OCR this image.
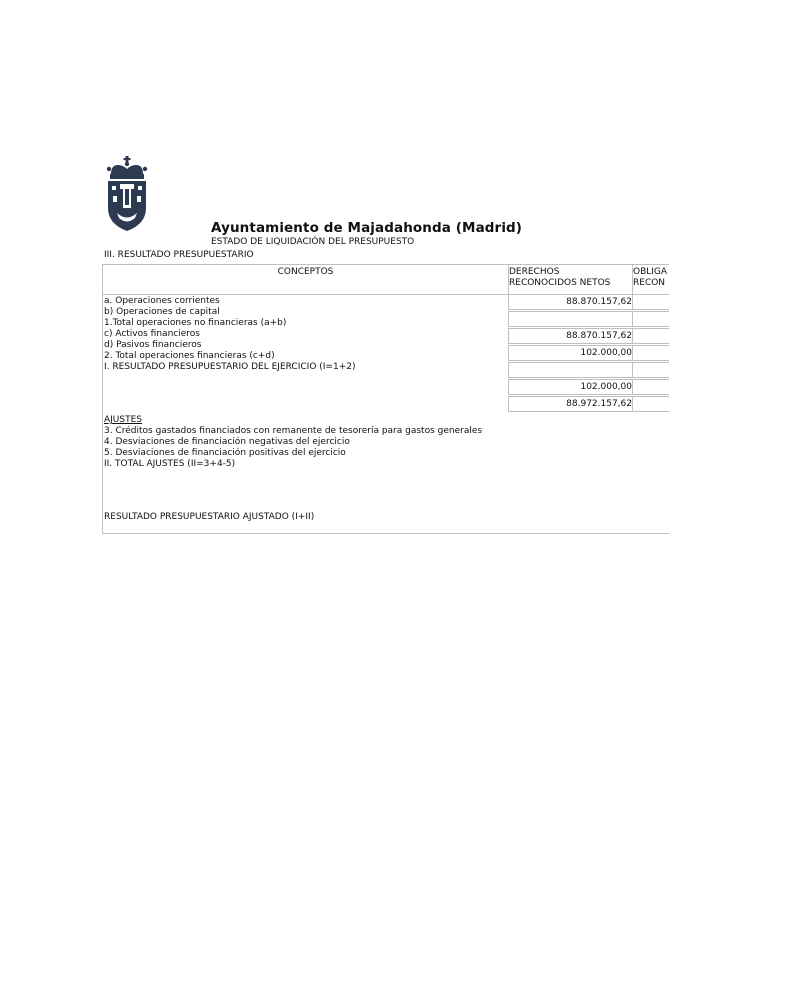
Ayuntamiento de Majadahonda (Madrid)
ESTADO DE LIQUIDACIÓN DEL PRESUPUESTO
III. RESULTADO PRESUPUESTARIO
CONCEPTOS	DERECHOS
RECONOCIDOS NETOS
OBLIGA
RECON
a. Operaciones corrientes
b) Operaciones de capital
1.Total operaciones no financieras (a+b)
c) Activos financieros
d) Pasivos financieros
2. Total operaciones financieras (c+d)
I. RESULTADO PRESUPUESTARIO DEL EJERCICIO (I=1+2)
88.870.157,62
88.870.157,62
102.000,00
102.000,00
88.972.157,62
AJUSTES
3. Créditos gastados financiados con remanente de tesorería para gastos generales
4. Desviaciones de financiación negativas del ejercicio
5. Desviaciones de financiación positivas del ejercicio
II. TOTAL AJUSTES (II=3+4-5)
RESULTADO PRESUPUESTARIO AJUSTADO (I+II)
